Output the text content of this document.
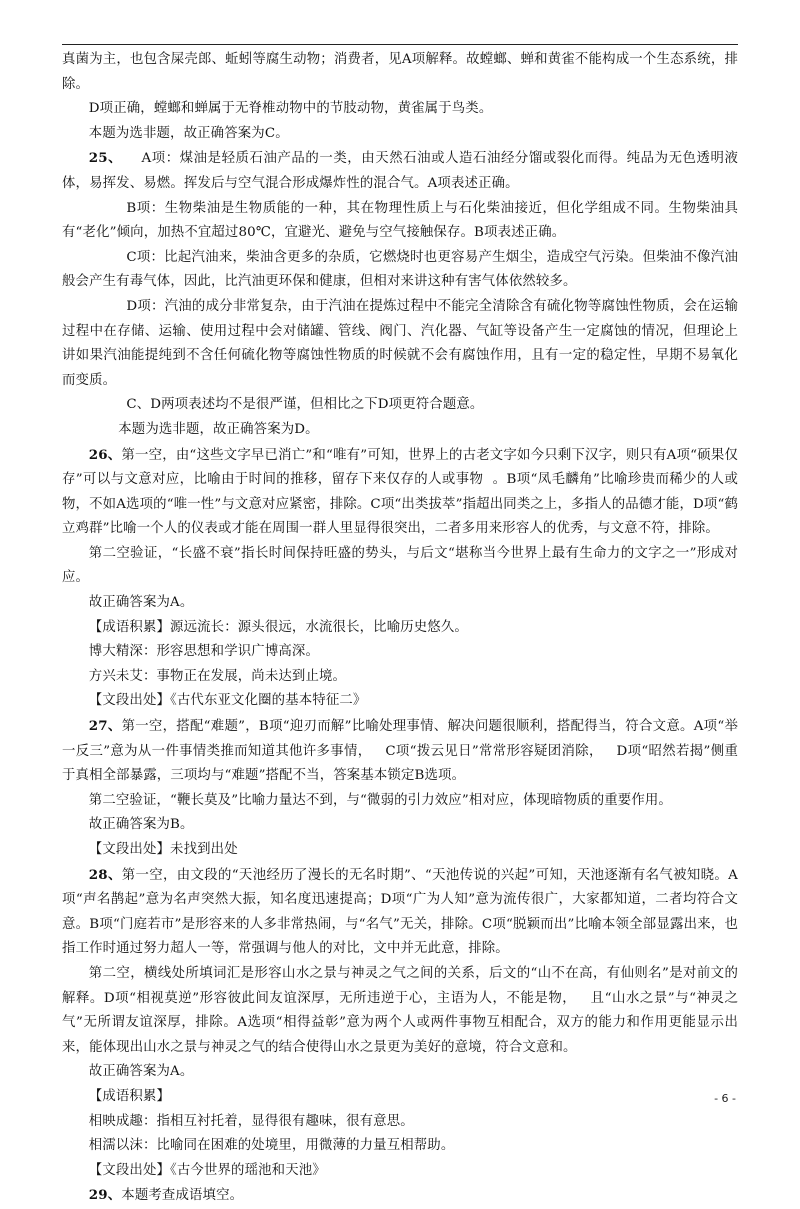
真菌为主，也包含屎壳郎、蚯蚓等腐生动物；消费者，见A项解释。故螳螂、蝉和黄雀不能构成一个生态系统，排除。

D项正确，螳螂和蝉属于无脊椎动物中的节肢动物，黄雀属于鸟类。

本题为选非题，故正确答案为C。

25、    A项：煤油是轻质石油产品的一类，由天然石油或人造石油经分馏或裂化而得。纯品为无色透明液体，易挥发、易燃。挥发后与空气混合形成爆炸性的混合气。A项表述正确。

B项：生物柴油是生物质能的一种，其在物理性质上与石化柴油接近，但化学组成不同。生物柴油具有“老化”倾向，加热不宜超过80℃，宜避光、避免与空气接触保存。B项表述正确。

C项：比起汽油来，柴油含更多的杂质，它燃烧时也更容易产生烟尘，造成空气污染。但柴油不像汽油般会产生有毒气体，因此，比汽油更环保和健康，但相对来讲这种有害气体依然较多。

D项：汽油的成分非常复杂，由于汽油在提炼过程中不能完全清除含有硫化物等腐蚀性物质，会在运输过程中在存储、运输、使用过程中会对储罐、管线、阀门、汽化器、气缸等设备产生一定腐蚀的情况，但理论上讲如果汽油能提纯到不含任何硫化物等腐蚀性物质的时候就不会有腐蚀作用，且有一定的稳定性，早期不易氧化而变质。

C、D两项表述均不是很严谨，但相比之下D项更符合题意。

本题为选非题，故正确答案为D。

26、第一空，由“这些文字早已消亡”和“唯有”可知，世界上的古老文字如今只剩下汉字，则只有A项“硕果仅存”可以与文意对应，比喻由于时间的推移，留存下来仅存的人或事物  。B项“凤毛麟角”比喻珍贵而稀少的人或物，不如A选项的“唯一性”与文意对应紧密，排除。C项“出类拔萃”指超出同类之上，多指人的品德才能，D项“鹤立鸡群”比喻一个人的仪表或才能在周围一群人里显得很突出，二者多用来形容人的优秀，与文意不符，排除。

第二空验证，“长盛不衰”指长时间保持旺盛的势头，与后文“堪称当今世界上最有生命力的文字之一”形成对应。

故正确答案为A。

【成语积累】源远流长：源头很远，水流很长，比喻历史悠久。

博大精深：形容思想和学识广博高深。

方兴未艾：事物正在发展，尚未达到止境。

【文段出处】《古代东亚文化圈的基本特征二》

27、第一空，搭配“难题”，B项“迎刃而解”比喻处理事情、解决问题很顺利，搭配得当，符合文意。A项“举一反三”意为从一件事情类推而知道其他许多事情，   C项“拨云见日”常常形容疑团消除，   D项“昭然若揭”侧重于真相全部暴露，三项均与“难题”搭配不当，答案基本锁定B选项。

第二空验证，“鞭长莫及”比喻力量达不到，与“微弱的引力效应”相对应，体现暗物质的重要作用。

故正确答案为B。

【文段出处】未找到出处

28、第一空，由文段的“天池经历了漫长的无名时期”、“天池传说的兴起”可知，天池逐渐有名气被知晓。A项“声名鹊起”意为名声突然大振，知名度迅速提高；D项“广为人知”意为流传很广，大家都知道，二者均符合文意。B项“门庭若市”是形容来的人多非常热闹，与“名气”无关，排除。C项“脱颖而出”比喻本领全部显露出来，也指工作时通过努力超人一等，常强调与他人的对比，文中并无此意，排除。

第二空，横线处所填词汇是形容山水之景与神灵之气之间的关系，后文的“山不在高，有仙则名”是对前文的解释。D项“相视莫逆”形容彼此间友谊深厚，无所违逆于心，主语为人，不能是物，   且“山水之景”与“神灵之气”无所谓友谊深厚，排除。A选项“相得益彰”意为两个人或两件事物互相配合，双方的能力和作用更能显示出来，能体现出山水之景与神灵之气的结合使得山水之景更为美好的意境，符合文意和。

故正确答案为A。

【成语积累】

相映成趣：指相互衬托着，显得很有趣味，很有意思。

相濡以沫：比喻同在困难的处境里，用微薄的力量互相帮助。

【文段出处】《古今世界的瑶池和天池》

29、本题考查成语填空。

- 6 -
